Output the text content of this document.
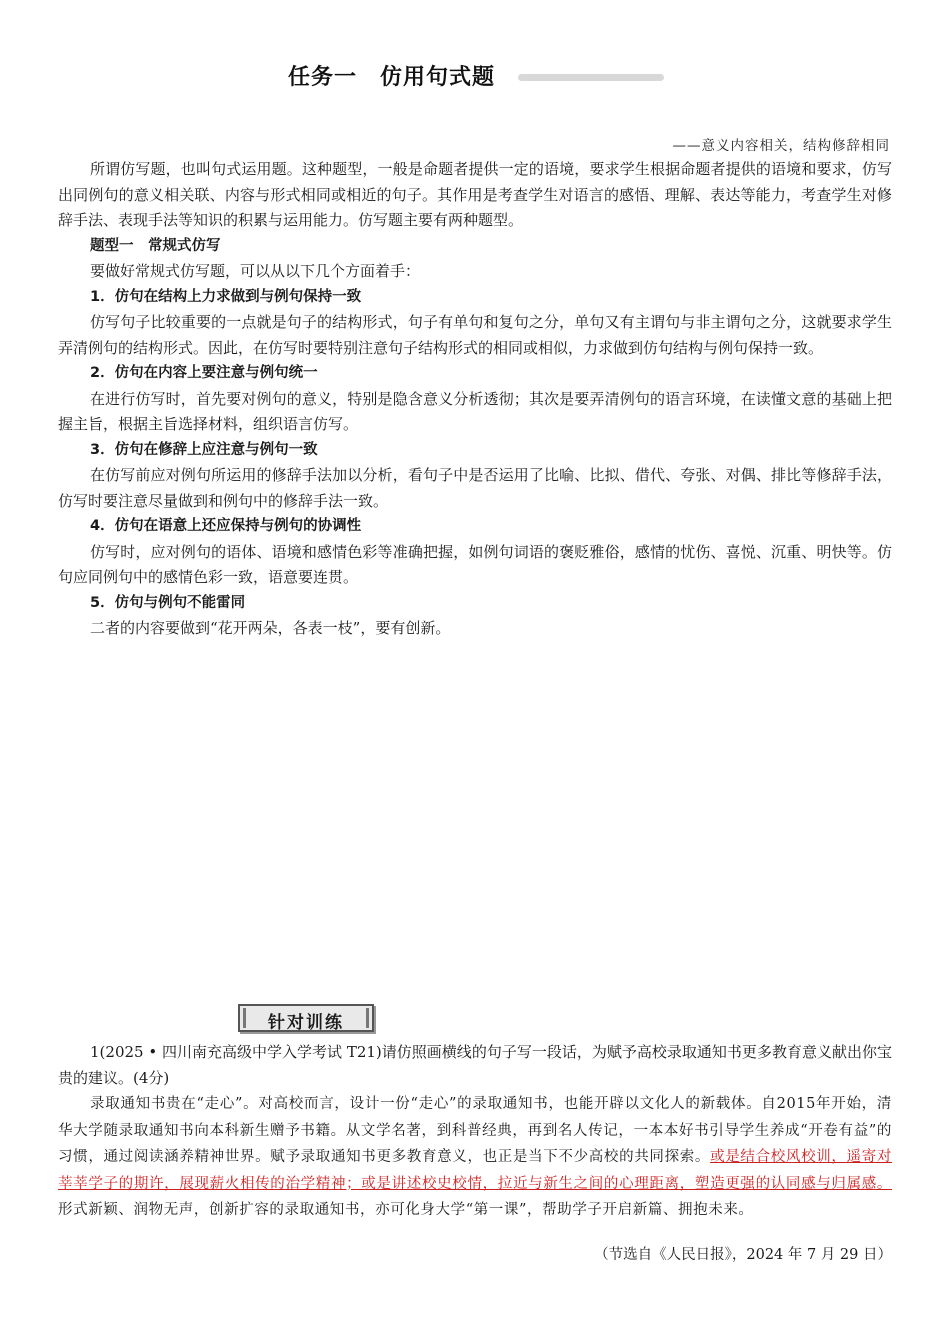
任务一　仿用句式题
——意义内容相关，结构修辞相同

所谓仿写题，也叫句式运用题。这种题型，一般是命题者提供一定的语境，要求学生根据命题者提供的语境和要求，仿写出同例句的意义相关联、内容与形式相同或相近的句子。其作用是考查学生对语言的感悟、理解、表达等能力，考查学生对修辞手法、表现手法等知识的积累与运用能力。仿写题主要有两种题型。

题型一　常规式仿写

要做好常规式仿写题，可以从以下几个方面着手：

1．仿句在结构上力求做到与例句保持一致

仿写句子比较重要的一点就是句子的结构形式，句子有单句和复句之分，单句又有主谓句与非主谓句之分，这就要求学生弄清例句的结构形式。因此，在仿写时要特别注意句子结构形式的相同或相似，力求做到仿句结构与例句保持一致。

2．仿句在内容上要注意与例句统一

在进行仿写时，首先要对例句的意义，特别是隐含意义分析透彻；其次是要弄清例句的语言环境，在读懂文意的基础上把握主旨，根据主旨选择材料，组织语言仿写。

3．仿句在修辞上应注意与例句一致

在仿写前应对例句所运用的修辞手法加以分析，看句子中是否运用了比喻、比拟、借代、夸张、对偶、排比等修辞手法，仿写时要注意尽量做到和例句中的修辞手法一致。

4．仿句在语意上还应保持与例句的协调性

仿写时，应对例句的语体、语境和感情色彩等准确把握，如例句词语的褒贬雅俗，感情的忧伤、喜悦、沉重、明快等。仿句应同例句中的感情色彩一致，语意要连贯。

5．仿句与例句不能雷同

二者的内容要做到“花开两朵，各表一枝”，要有创新。

针对训练

1(2025 • 四川南充高级中学入学考试 T21)请仿照画横线的句子写一段话，为赋予高校录取通知书更多教育意义献出你宝贵的建议。(4分)

录取通知书贵在“走心”。对高校而言，设计一份“走心”的录取通知书，也能开辟以文化人的新载体。自2015年开始，清华大学随录取通知书向本科新生赠予书籍。从文学名著，到科普经典，再到名人传记，一本本好书引导学生养成“开卷有益”的习惯，通过阅读涵养精神世界。赋予录取通知书更多教育意义，也正是当下不少高校的共同探索。或是结合校风校训，遥寄对莘莘学子的期许，展现薪火相传的治学精神；或是讲述校史校情，拉近与新生之间的心理距离，塑造更强的认同感与归属感。形式新颖、润物无声，创新扩容的录取通知书，亦可化身大学“第一课”，帮助学子开启新篇、拥抱未来。

（节选自《人民日报》，2024 年 7 月 29 日）
